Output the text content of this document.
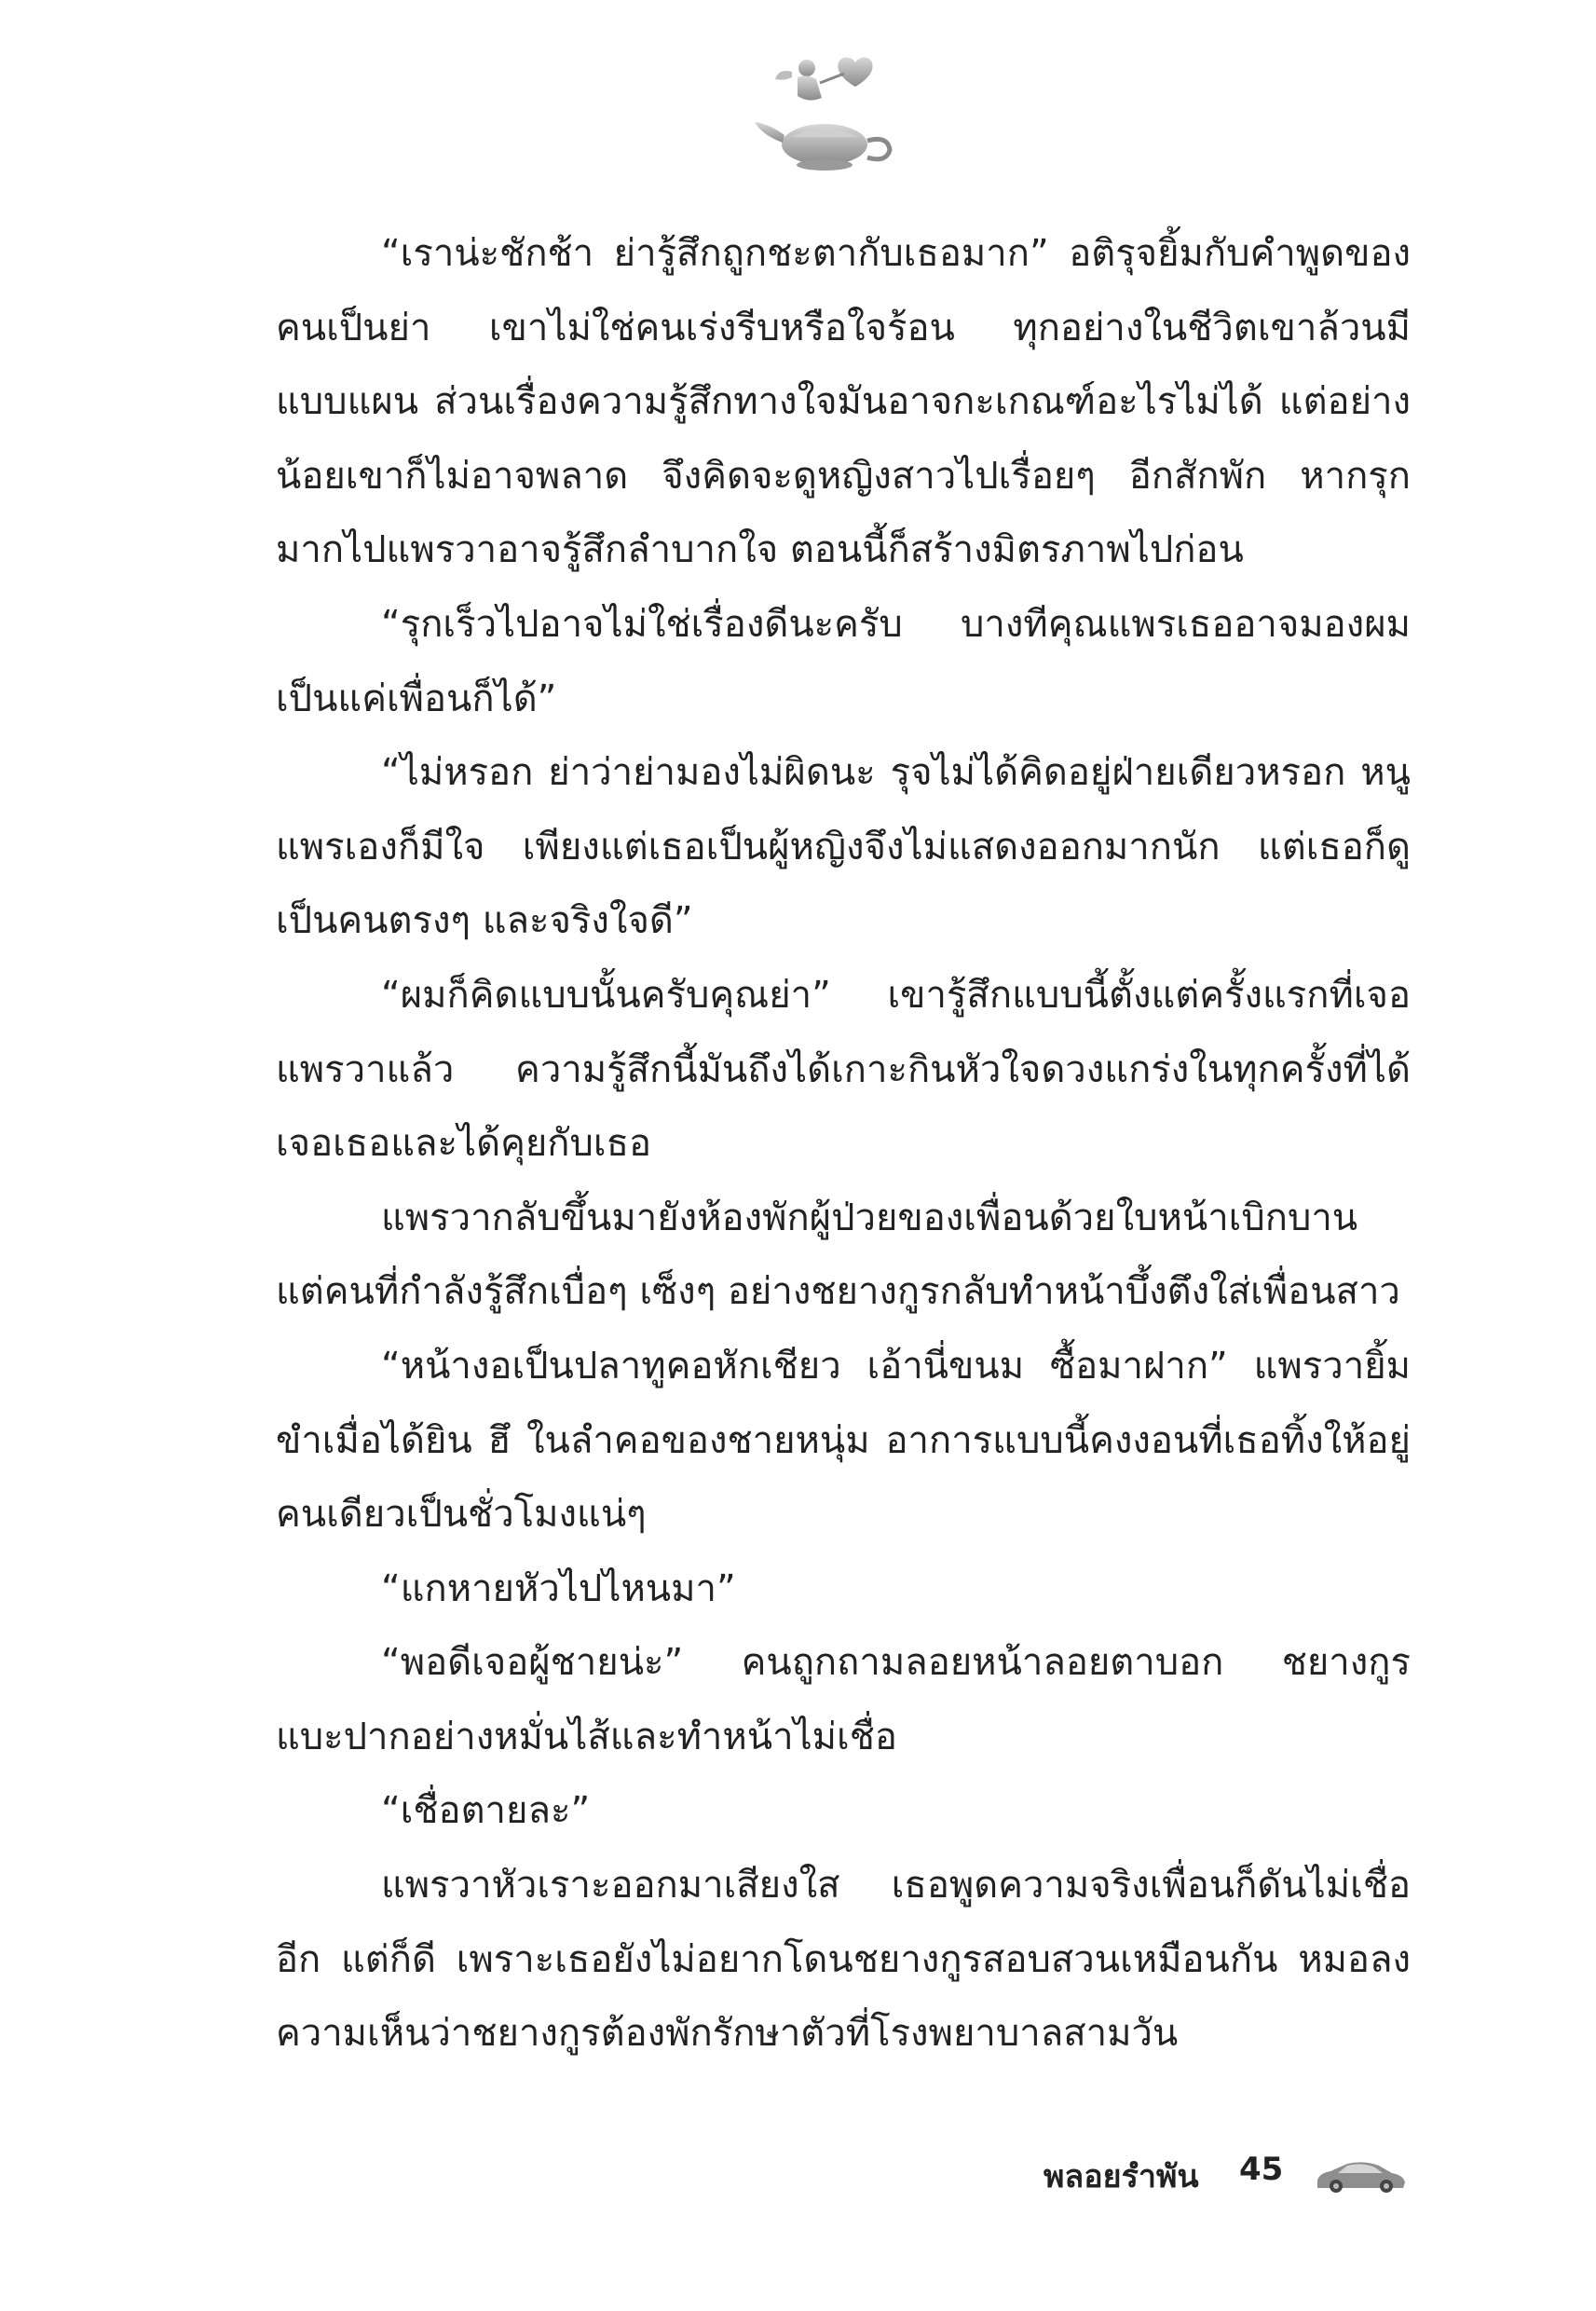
“เราน่ะชักช้า ย่ารู้สึกถูกชะตากับเธอมาก” อติรุจยิ้มกับคำพูดของคนเป็นย่า เขาไม่ใช่คนเร่งรีบหรือใจร้อน ทุกอย่างในชีวิตเขาล้วนมีแบบแผน ส่วนเรื่องความรู้สึกทางใจมันอาจกะเกณฑ์อะไรไม่ได้ แต่อย่างน้อยเขาก็ไม่อาจพลาด จึงคิดจะดูหญิงสาวไปเรื่อยๆ อีกสักพัก หากรุกมากไปแพรวาอาจรู้สึกลำบากใจ ตอนนี้ก็สร้างมิตรภาพไปก่อน

“รุกเร็วไปอาจไม่ใช่เรื่องดีนะครับ บางทีคุณแพรเธออาจมองผมเป็นแค่เพื่อนก็ได้”

“ไม่หรอก ย่าว่าย่ามองไม่ผิดนะ รุจไม่ได้คิดอยู่ฝ่ายเดียวหรอก หนูแพรเองก็มีใจ เพียงแต่เธอเป็นผู้หญิงจึงไม่แสดงออกมากนัก แต่เธอก็ดูเป็นคนตรงๆ และจริงใจดี”

“ผมก็คิดแบบนั้นครับคุณย่า” เขารู้สึกแบบนี้ตั้งแต่ครั้งแรกที่เจอแพรวาแล้ว ความรู้สึกนี้มันถึงได้เกาะกินหัวใจดวงแกร่งในทุกครั้งที่ได้เจอเธอและได้คุยกับเธอ

แพรวากลับขึ้นมายังห้องพักผู้ป่วยของเพื่อนด้วยใบหน้าเบิกบาน แต่คนที่กำลังรู้สึกเบื่อๆ เซ็งๆ อย่างชยางกูรกลับทำหน้าบึ้งตึงใส่เพื่อนสาว

“หน้างอเป็นปลาทูคอหักเชียว เอ้านี่ขนม ซื้อมาฝาก” แพรวายิ้มขำเมื่อได้ยิน ฮึ ในลำคอของชายหนุ่ม อาการแบบนี้คงงอนที่เธอทิ้งให้อยู่คนเดียวเป็นชั่วโมงแน่ๆ

“แกหายหัวไปไหนมา”

“พอดีเจอผู้ชายน่ะ” คนถูกถามลอยหน้าลอยตาบอก ชยางกูรแบะปากอย่างหมั่นไส้และทำหน้าไม่เชื่อ

“เชื่อตายละ”

แพรวาหัวเราะออกมาเสียงใส เธอพูดความจริงเพื่อนก็ดันไม่เชื่ออีก แต่ก็ดี เพราะเธอยังไม่อยากโดนชยางกูรสอบสวนเหมือนกัน หมอลงความเห็นว่าชยางกูรต้องพักรักษาตัวที่โรงพยาบาลสามวัน

พลอยรำพัน 45
